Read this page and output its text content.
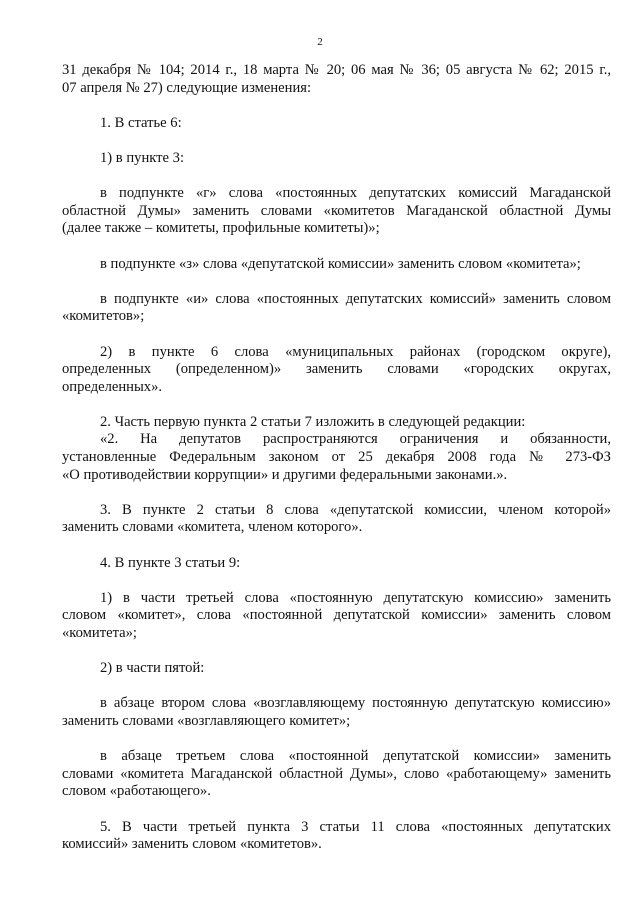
2

31 декабря № 104; 2014 г., 18 марта № 20; 06 мая № 36; 05 августа № 62; 2015 г.,
07 апреля № 27) следующие изменения:

1. В статье 6:

1) в пункте 3:

в подпункте «г» слова «постоянных депутатских комиссий Магаданской
областной Думы» заменить словами «комитетов Магаданской областной Думы
(далее также – комитеты, профильные комитеты)»;

в подпункте «з» слова «депутатской комиссии» заменить словом «комитета»;

в подпункте «и» слова «постоянных депутатских комиссий» заменить словом
«комитетов»;

2) в пункте 6 слова «муниципальных районах (городском округе),
определенных (определенном)» заменить словами «городских округах,
определенных».

2. Часть первую пункта 2 статьи 7 изложить в следующей редакции:

«2. На депутатов распространяются ограничения и обязанности,
установленные Федеральным законом от 25 декабря 2008 года № 273-ФЗ
«О противодействии коррупции» и другими федеральными законами.».

3. В пункте 2 статьи 8 слова «депутатской комиссии, членом которой»
заменить словами «комитета, членом которого».

4. В пункте 3 статьи 9:

1) в части третьей слова «постоянную депутатскую комиссию» заменить
словом «комитет», слова «постоянной депутатской комиссии» заменить словом
«комитета»;

2) в части пятой:

в абзаце втором слова «возглавляющему постоянную депутатскую комиссию»
заменить словами «возглавляющего комитет»;

в абзаце третьем слова «постоянной депутатской комиссии» заменить
словами «комитета Магаданской областной Думы», слово «работающему» заменить
словом «работающего».

5. В части третьей пункта 3 статьи 11 слова «постоянных депутатских
комиссий» заменить словом «комитетов».
